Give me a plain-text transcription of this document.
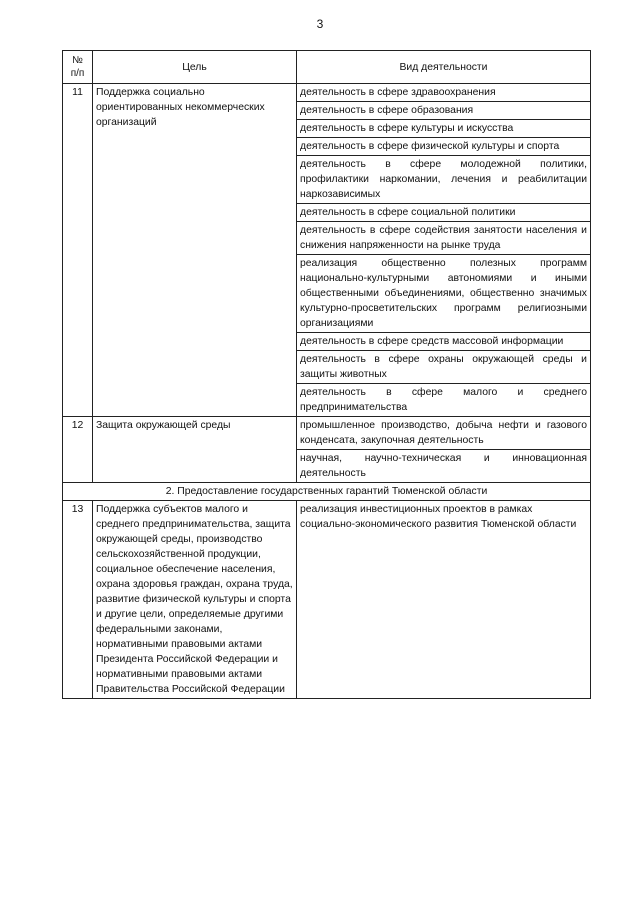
3
№
п/п	Цель	Вид деятельности
11	Поддержка социально ориентированных некоммерческих организаций	деятельность в сфере здравоохранения
		деятельность в сфере образования
		деятельность в сфере культуры и искусства
		деятельность в сфере физической культуры и спорта
		деятельность в сфере молодежной политики, профилактики наркомании, лечения и реабилитации наркозависимых
		деятельность в сфере социальной политики
		деятельность в сфере содействия занятости населения и снижения напряженности на рынке труда
		реализация общественно полезных программ национально-культурными автономиями и иными общественными объединениями, общественно значимых культурно-просветительских программ религиозными организациями
		деятельность в сфере средств массовой информации
		деятельность в сфере охраны окружающей среды и защиты животных
		деятельность в сфере малого и среднего предпринимательства
12	Защита окружающей среды	промышленное производство, добыча нефти и газового конденсата, закупочная деятельность
		научная, научно-техническая и инновационная деятельность
2. Предоставление государственных гарантий Тюменской области		
13	Поддержка субъектов малого и среднего предпринимательства, защита окружающей среды, производство сельскохозяйственной продукции, социальное обеспечение населения, охрана здоровья граждан, охрана труда, развитие физической культуры и спорта и другие цели, определяемые другими федеральными законами, нормативными правовыми актами Президента Российской Федерации и нормативными правовыми актами Правительства Российской Федерации	реализация инвестиционных проектов в рамках социально-экономического развития Тюменской области
